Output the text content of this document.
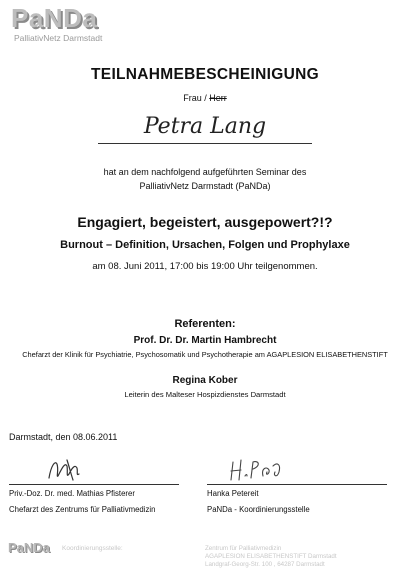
PaNDa
PalliativNetz Darmstadt
TEILNAHMEBESCHEINIGUNG
Frau / Herr
Petra Lang
hat an dem nachfolgend aufgeführten Seminar des
PalliativNetz Darmstadt (PaNDa)
Engagiert, begeistert, ausgepowert?!?
Burnout – Definition, Ursachen, Folgen und Prophylaxe
am 08. Juni 2011, 17:00 bis 19:00 Uhr teilgenommen.
Referenten:
Prof. Dr. Dr. Martin Hambrecht
Chefarzt der Klinik für Psychiatrie, Psychosomatik und Psychotherapie am AGAPLESION ELISABETHENSTIFT
Regina Kober
Leiterin des Malteser Hospizdienstes Darmstadt
Darmstadt, den 08.06.2011
Priv.-Doz. Dr. med. Mathias Pfisterer
Chefarzt des Zentrums für Palliativmedizin
Hanka Petereit
PaNDa - Koordinierungsstelle
PaNDa Koordinierungsstelle:	Zentrum für Palliativmedizin
AGAPLESION ELISABETHENSTIFT Darmstadt
Landgraf-Georg-Str. 100 , 64287 Darmstadt
